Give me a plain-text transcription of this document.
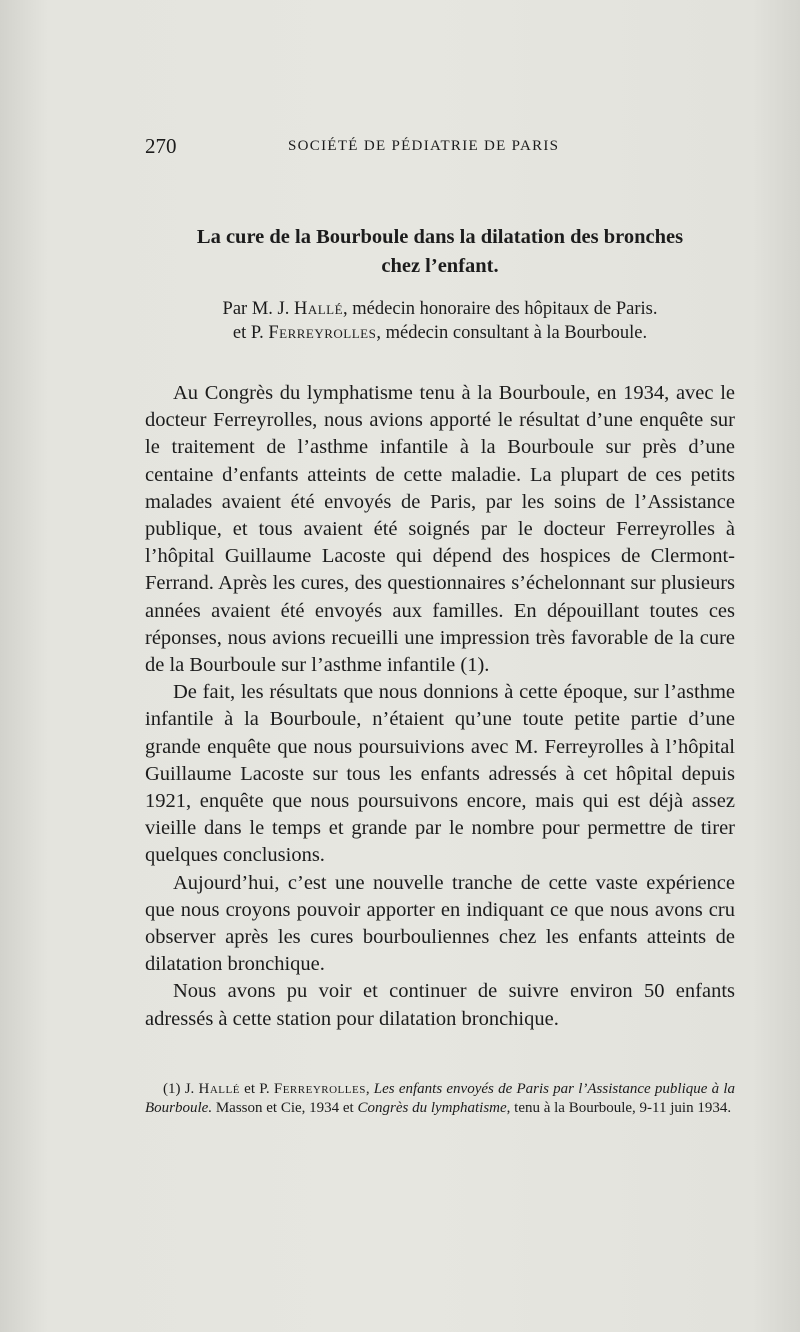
270	SOCIÉTÉ DE PÉDIATRIE DE PARIS
La cure de la Bourboule dans la dilatation des bronches
chez l’enfant.
Par M. J. Hallé, médecin honoraire des hôpitaux de Paris.
et P. Ferreyrolles, médecin consultant à la Bourboule.

Au Congrès du lymphatisme tenu à la Bourboule, en 1934, avec le docteur Ferreyrolles, nous avions apporté le résultat d’une enquête sur le traitement de l’asthme infantile à la Bourboule sur près d’une centaine d’enfants atteints de cette maladie. La plupart de ces petits malades avaient été envoyés de Paris, par les soins de l’Assistance publique, et tous avaient été soignés par le docteur Ferreyrolles à l’hôpital Guillaume Lacoste qui dépend des hospices de Clermont-Ferrand. Après les cures, des questionnaires s’échelonnant sur plusieurs années avaient été envoyés aux familles. En dépouillant toutes ces réponses, nous avions recueilli une impression très favorable de la cure de la Bourboule sur l’asthme infantile (1).

De fait, les résultats que nous donnions à cette époque, sur l’asthme infantile à la Bourboule, n’étaient qu’une toute petite partie d’une grande enquête que nous poursuivions avec M. Ferreyrolles à l’hôpital Guillaume Lacoste sur tous les enfants adressés à cet hôpital depuis 1921, enquête que nous poursuivons encore, mais qui est déjà assez vieille dans le temps et grande par le nombre pour permettre de tirer quelques conclusions.

Aujourd’hui, c’est une nouvelle tranche de cette vaste expérience que nous croyons pouvoir apporter en indiquant ce que nous avons cru observer après les cures bourbouliennes chez les enfants atteints de dilatation bronchique.

Nous avons pu voir et continuer de suivre environ 50 enfants adressés à cette station pour dilatation bronchique.

(1) J. Hallé et P. Ferreyrolles, Les enfants envoyés de Paris par l’Assistance publique à la Bourboule. Masson et Cie, 1934 et Congrès du lymphatisme, tenu à la Bourboule, 9-11 juin 1934.
